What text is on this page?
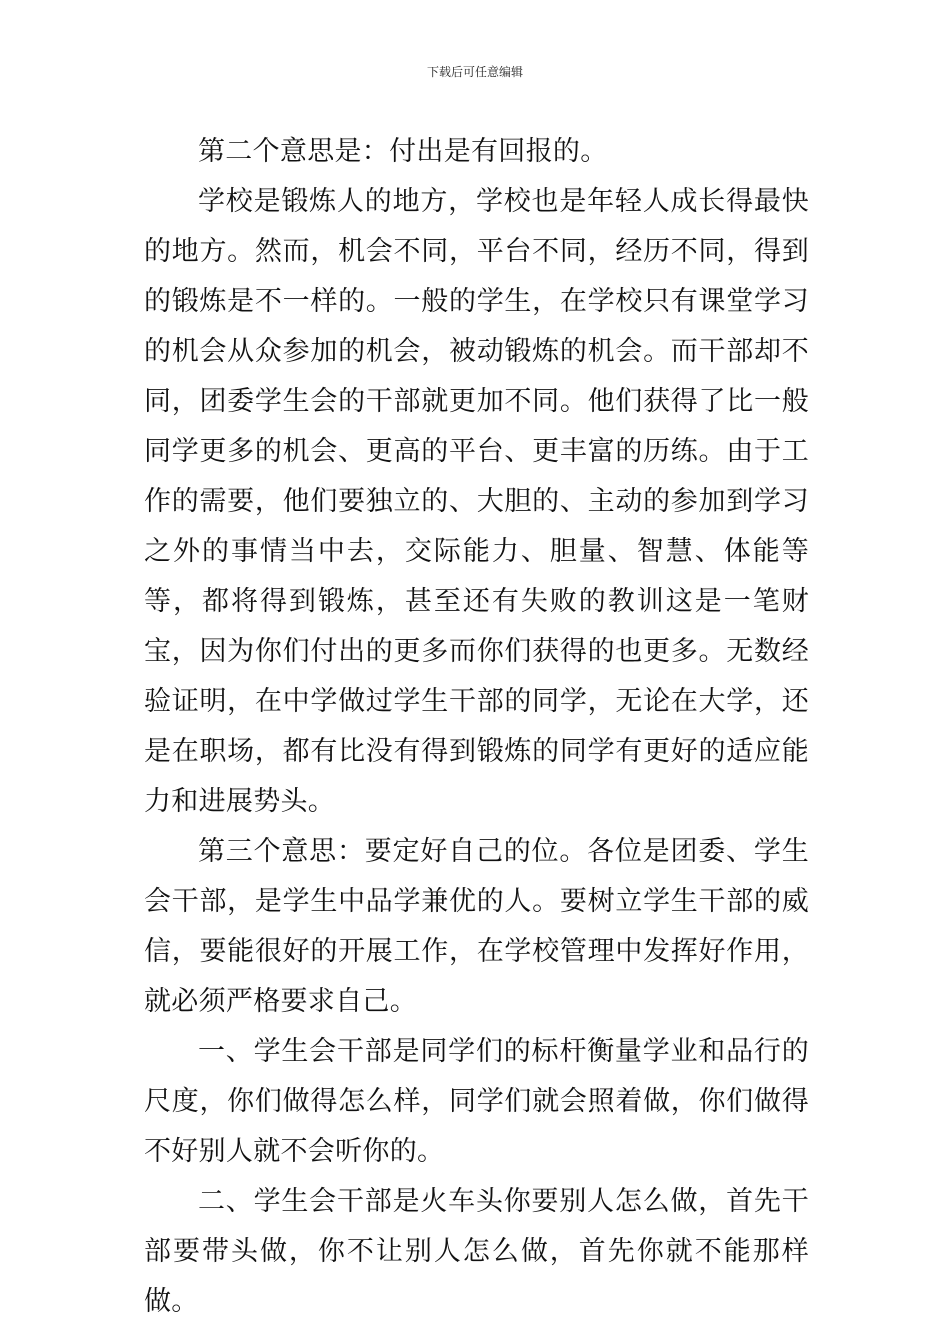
下载后可任意编辑

第二个意思是：付出是有回报的。

学校是锻炼人的地方，学校也是年轻人成长得最快的地方。然而，机会不同，平台不同，经历不同，得到的锻炼是不一样的。一般的学生，在学校只有课堂学习的机会从众参加的机会，被动锻炼的机会。而干部却不同，团委学生会的干部就更加不同。他们获得了比一般同学更多的机会、更高的平台、更丰富的历练。由于工作的需要，他们要独立的、大胆的、主动的参加到学习之外的事情当中去，交际能力、胆量、智慧、体能等等，都将得到锻炼，甚至还有失败的教训这是一笔财宝，因为你们付出的更多而你们获得的也更多。无数经验证明，在中学做过学生干部的同学，无论在大学，还是在职场，都有比没有得到锻炼的同学有更好的适应能力和进展势头。

第三个意思：要定好自己的位。各位是团委、学生会干部，是学生中品学兼优的人。要树立学生干部的威信，要能很好的开展工作，在学校管理中发挥好作用，就必须严格要求自己。

一、学生会干部是同学们的标杆衡量学业和品行的尺度，你们做得怎么样，同学们就会照着做，你们做得不好别人就不会听你的。

二、学生会干部是火车头你要别人怎么做，首先干部要带头做，你不让别人怎么做，首先你就不能那样做。
